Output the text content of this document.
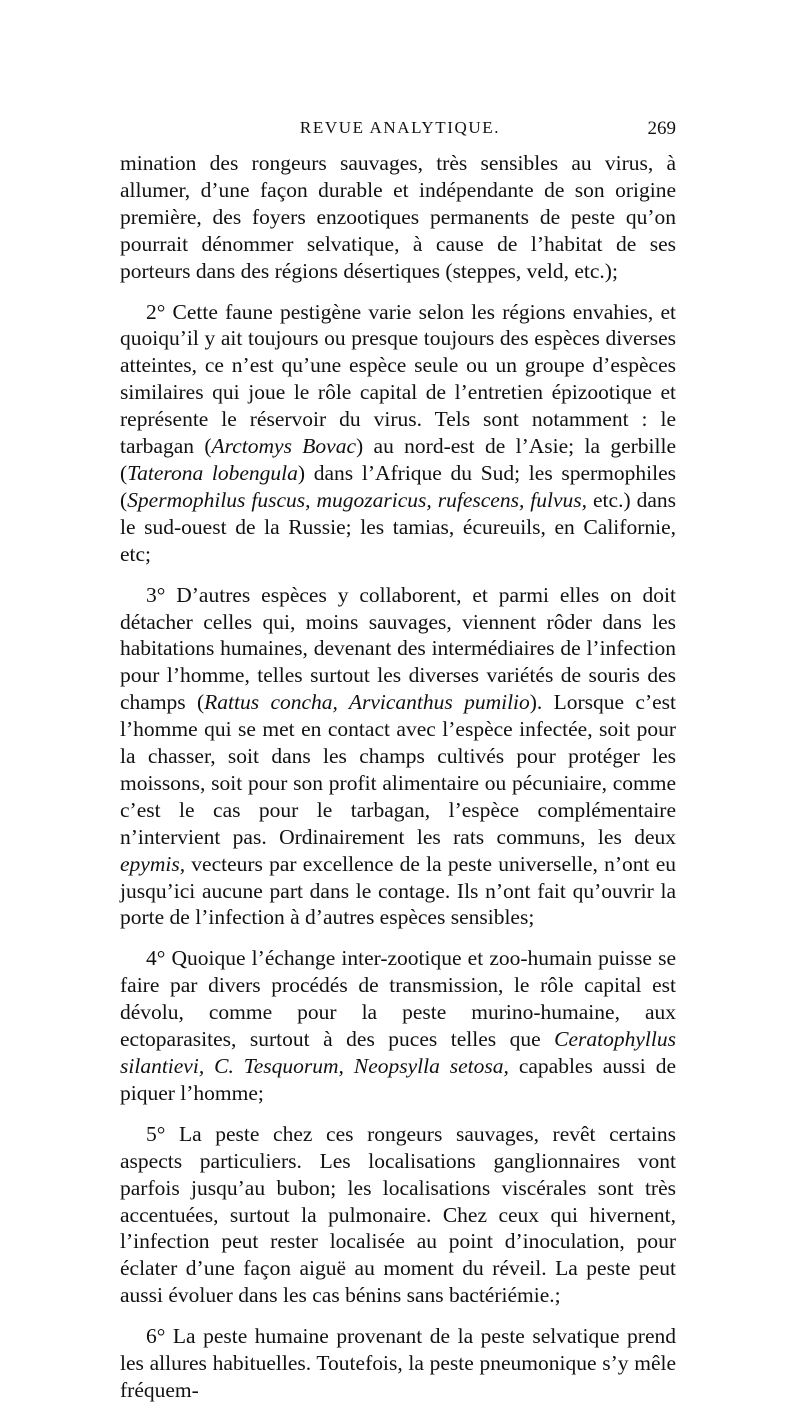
REVUE ANALYTIQUE.	269

mination des rongeurs sauvages, très sensibles au virus, à allumer, d’une façon durable et indépendante de son origine première, des foyers enzootiques permanents de peste qu’on pourrait dénommer selvatique, à cause de l’habitat de ses porteurs dans des régions désertiques (steppes, veld, etc.);

2° Cette faune pestigène varie selon les régions envahies, et quoiqu’il y ait toujours ou presque toujours des espèces diverses atteintes, ce n’est qu’une espèce seule ou un groupe d’espèces similaires qui joue le rôle capital de l’entretien épizootique et représente le réservoir du virus. Tels sont notamment : le tarbagan (Arctomys Bovac) au nord-est de l’Asie; la gerbille (Taterona lobengula) dans l’Afrique du Sud; les spermophiles (Spermophilus fuscus, mugozaricus, rufescens, fulvus, etc.) dans le sud-ouest de la Russie; les tamias, écureuils, en Californie, etc;

3° D’autres espèces y collaborent, et parmi elles on doit détacher celles qui, moins sauvages, viennent rôder dans les habitations humaines, devenant des intermédiaires de l’infection pour l’homme, telles surtout les diverses variétés de souris des champs (Rattus concha, Arvicanthus pumilio). Lorsque c’est l’homme qui se met en contact avec l’espèce infectée, soit pour la chasser, soit dans les champs cultivés pour protéger les moissons, soit pour son profit alimentaire ou pécuniaire, comme c’est le cas pour le tarbagan, l’espèce complémentaire n’intervient pas. Ordinairement les rats communs, les deux epymis, vecteurs par excellence de la peste universelle, n’ont eu jusqu’ici aucune part dans le contage. Ils n’ont fait qu’ouvrir la porte de l’infection à d’autres espèces sensibles;

4° Quoique l’échange inter-zootique et zoo-humain puisse se faire par divers procédés de transmission, le rôle capital est dévolu, comme pour la peste murino-humaine, aux ectoparasites, surtout à des puces telles que Ceratophyllus silantievi, C. Tesquorum, Neopsylla setosa, capables aussi de piquer l’homme;

5° La peste chez ces rongeurs sauvages, revêt certains aspects particuliers. Les localisations ganglionnaires vont parfois jusqu’au bubon; les localisations viscérales sont très accentuées, surtout la pulmonaire. Chez ceux qui hivernent, l’infection peut rester localisée au point d’inoculation, pour éclater d’une façon aiguë au moment du réveil. La peste peut aussi évoluer dans les cas bénins sans bactériémie.;

6° La peste humaine provenant de la peste selvatique prend les allures habituelles. Toutefois, la peste pneumonique s’y mêle fréquem-
